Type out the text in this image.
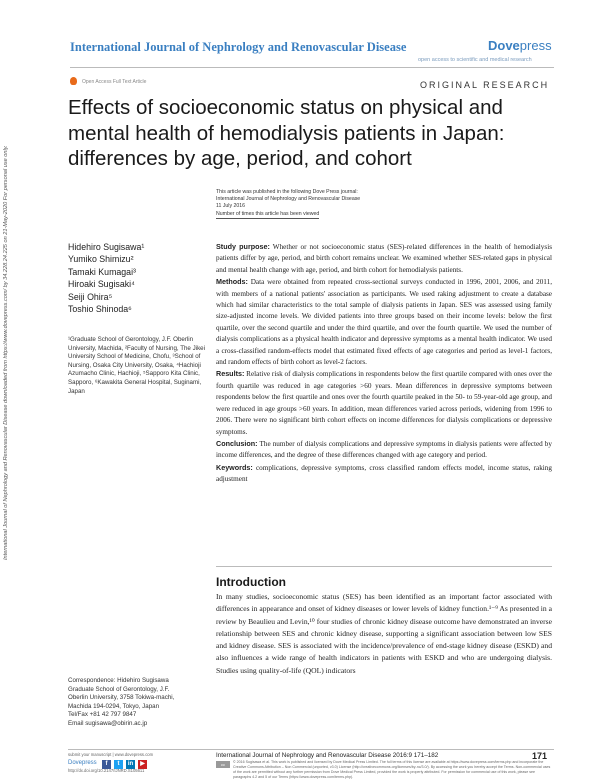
International Journal of Nephrology and Renovascular Disease	Dovepress
open access to scientific and medical research
Open Access Full Text Article	ORIGINAL RESEARCH
International Journal of Nephrology and Renovascular Disease downloaded from https://www.dovepress.com/ by 34.228.24.225 on 21-May-2020 For personal use only.
Effects of socioeconomic status on physical and mental health of hemodialysis patients in Japan: differences by age, period, and cohort
This article was published in the following Dove Press journal:
International Journal of Nephrology and Renovascular Disease
11 July 2016
Number of times this article has been viewed
Hidehiro Sugisawa¹
Yumiko Shimizu²
Tamaki Kumagai³
Hiroaki Sugisaki⁴
Seiji Ohira⁵
Toshio Shinoda⁶
¹Graduate School of Gerontology, J.F. Oberlin University, Machida, ²Faculty of Nursing, The Jikei University School of Medicine, Chofu, ³School of Nursing, Osaka City University, Osaka, ⁴Hachioji Azumacho Clinic, Hachioji, ⁵Sapporo Kita Clinic, Sapporo, ⁶Kawakita General Hospital, Suginami, Japan

Study purpose: Whether or not socioeconomic status (SES)-related differences in the health of hemodialysis patients differ by age, period, and birth cohort remains unclear. We examined whether SES-related gaps in physical and mental health change with age, period, and birth cohort for hemodialysis patients.

Methods: Data were obtained from repeated cross-sectional surveys conducted in 1996, 2001, 2006, and 2011, with members of a national patients' association as participants. We used raking adjustment to create a database which had similar characteristics to the total sample of dialysis patients in Japan. SES was assessed using family size-adjusted income levels. We divided patients into three groups based on their income levels: below the first quartile, over the second quartile and under the third quartile, and over the fourth quartile. We used the number of dialysis complications as a physical health indicator and depressive symptoms as a mental health indicator. We used a cross-classified random-effects model that estimated fixed effects of age categories and period as level-1 factors, and random effects of birth cohort as level-2 factors.

Results: Relative risk of dialysis complications in respondents below the first quartile compared with ones over the fourth quartile was reduced in age categories >60 years. Mean differences in depressive symptoms between respondents below the first quartile and ones over the fourth quartile peaked in the 50- to 59-year-old age group, and were reduced in age groups >60 years. In addition, mean differences varied across periods, widening from 1996 to 2006. There were no significant birth cohort effects on income differences for dialysis complications or depressive symptoms.

Conclusion: The number of dialysis complications and depressive symptoms in dialysis patients were affected by income differences, and the degree of these differences changed with age category and period.

Keywords: complications, depressive symptoms, cross classified random effects model, income status, raking adjustment

Introduction
In many studies, socioeconomic status (SES) has been identified as an important factor associated with differences in appearance and onset of kidney diseases or lower levels of kidney function.¹⁻⁹ As presented in a review by Beaulieu and Levin,¹⁰ four studies of chronic kidney disease outcome have demonstrated an inverse relationship between SES and chronic kidney disease, supporting a significant association between low SES and kidney disease. SES is associated with the incidence/prevalence of end-stage kidney disease (ESKD) and also influences a wide range of health indicators in patients with ESKD and who are undergoing dialysis. Studies using quality-of-life (QOL) indicators
Correspondence: Hidehiro Sugisawa
Graduate School of Gerontology, J.F.
Oberlin University, 3758 Tokiwa-machi,
Machida 194-0294, Tokyo, Japan
Tel/Fax +81 42 797 9847
Email sugisawa@obirin.ac.jp
submit your manuscript | www.dovepress.com
Dovepress	f	t	in	▶
http://dx.doi.org/10.2147/IJNRD.S105611
International Journal of Nephrology and Renovascular Disease 2016:9 171–182	171
cc	© 2016 Sugisawa et al. This work is published and licensed by Dove Medical Press Limited. The full terms of this license are available at https://www.dovepress.com/terms.php and incorporate the Creative Commons Attribution – Non Commercial (unported, v3.0) License (http://creativecommons.org/licenses/by-nc/3.0/). By accessing the work you hereby accept the Terms. Non-commercial uses of the work are permitted without any further permission from Dove Medical Press Limited, provided the work is properly attributed. For permission for commercial use of this work, please see paragraphs 4.2 and 5 of our Terms (https://www.dovepress.com/terms.php).
